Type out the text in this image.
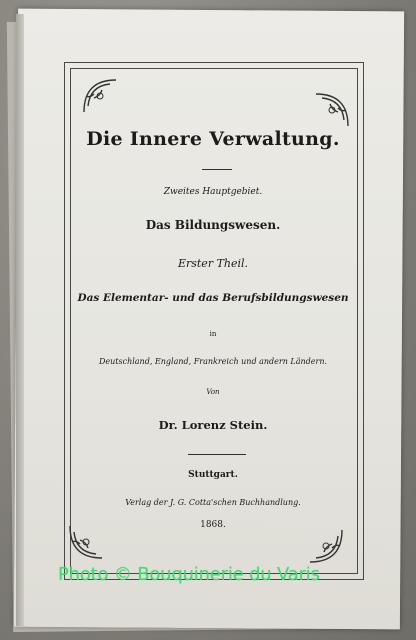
Die Innere Verwaltung.
Zweites Hauptgebiet.
Das Bildungswesen.
Erster Theil.
Das Elementar- und das Berufsbildungswesen
in
Deutschland, England, Frankreich und andern Ländern.
Von
Dr. Lorenz Stein.
Stuttgart.
Verlag der J. G. Cotta'schen Buchhandlung.
1868.
Photo © Bouquinerie du Varis
